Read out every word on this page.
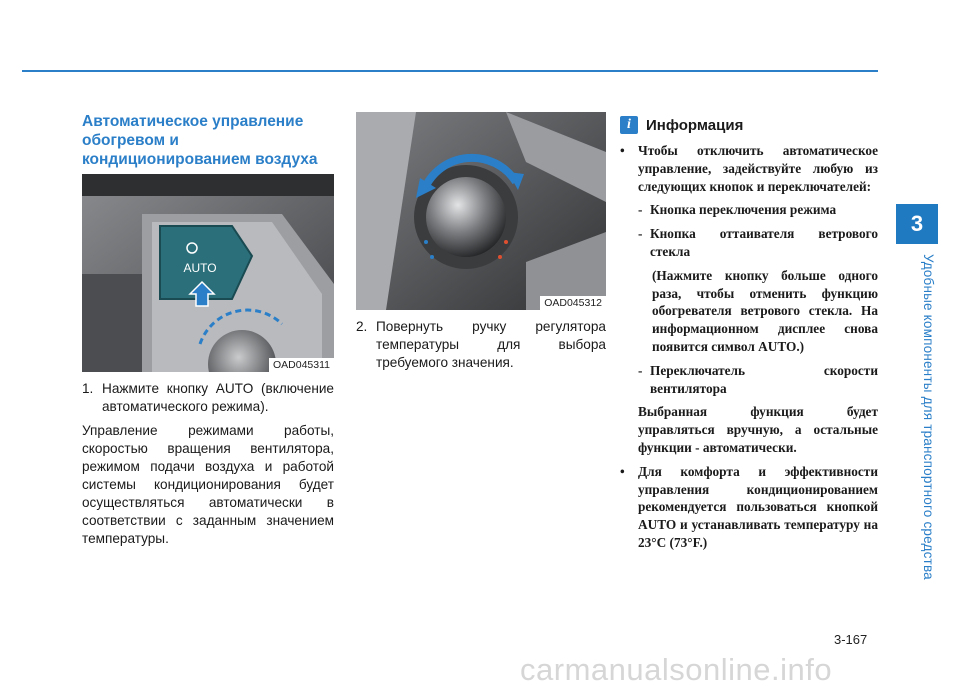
3
Удобные компоненты для транспортного средства
Автоматическое управление обогревом и кондиционированием воздуха
AUTO
OAD045311
1. Нажмите кнопку AUTO (включение автоматического режима).

Управление режимами работы, скоростью вращения вентилятора, режимом подачи воздуха и работой системы кондиционирования будет осуществляться автоматически в соответствии с заданным значением температуры.

OAD045312
2. Повернуть ручку регулятора температуры для выбора требуемого значения.
i	Информация
•	Чтобы отключить автоматическое управление, задействуйте любую из следующих кнопок и переключателей:
- Кнопка переключения режима
- Кнопка оттаивателя ветрового стекла

(Нажмите кнопку больше одного раза, чтобы отменить функцию обогревателя ветрового стекла. На информационном дисплее снова появится символ AUTO.)

- Переключатель скорости вентилятора

Выбранная функция будет управляться вручную, а остальные функции - автоматически.

•	Для комфорта и эффективности управления кондиционированием рекомендуется пользоваться кнопкой AUTO и устанавливать температуру на 23°C (73°F.)
3-167
carmanualsonline.info
